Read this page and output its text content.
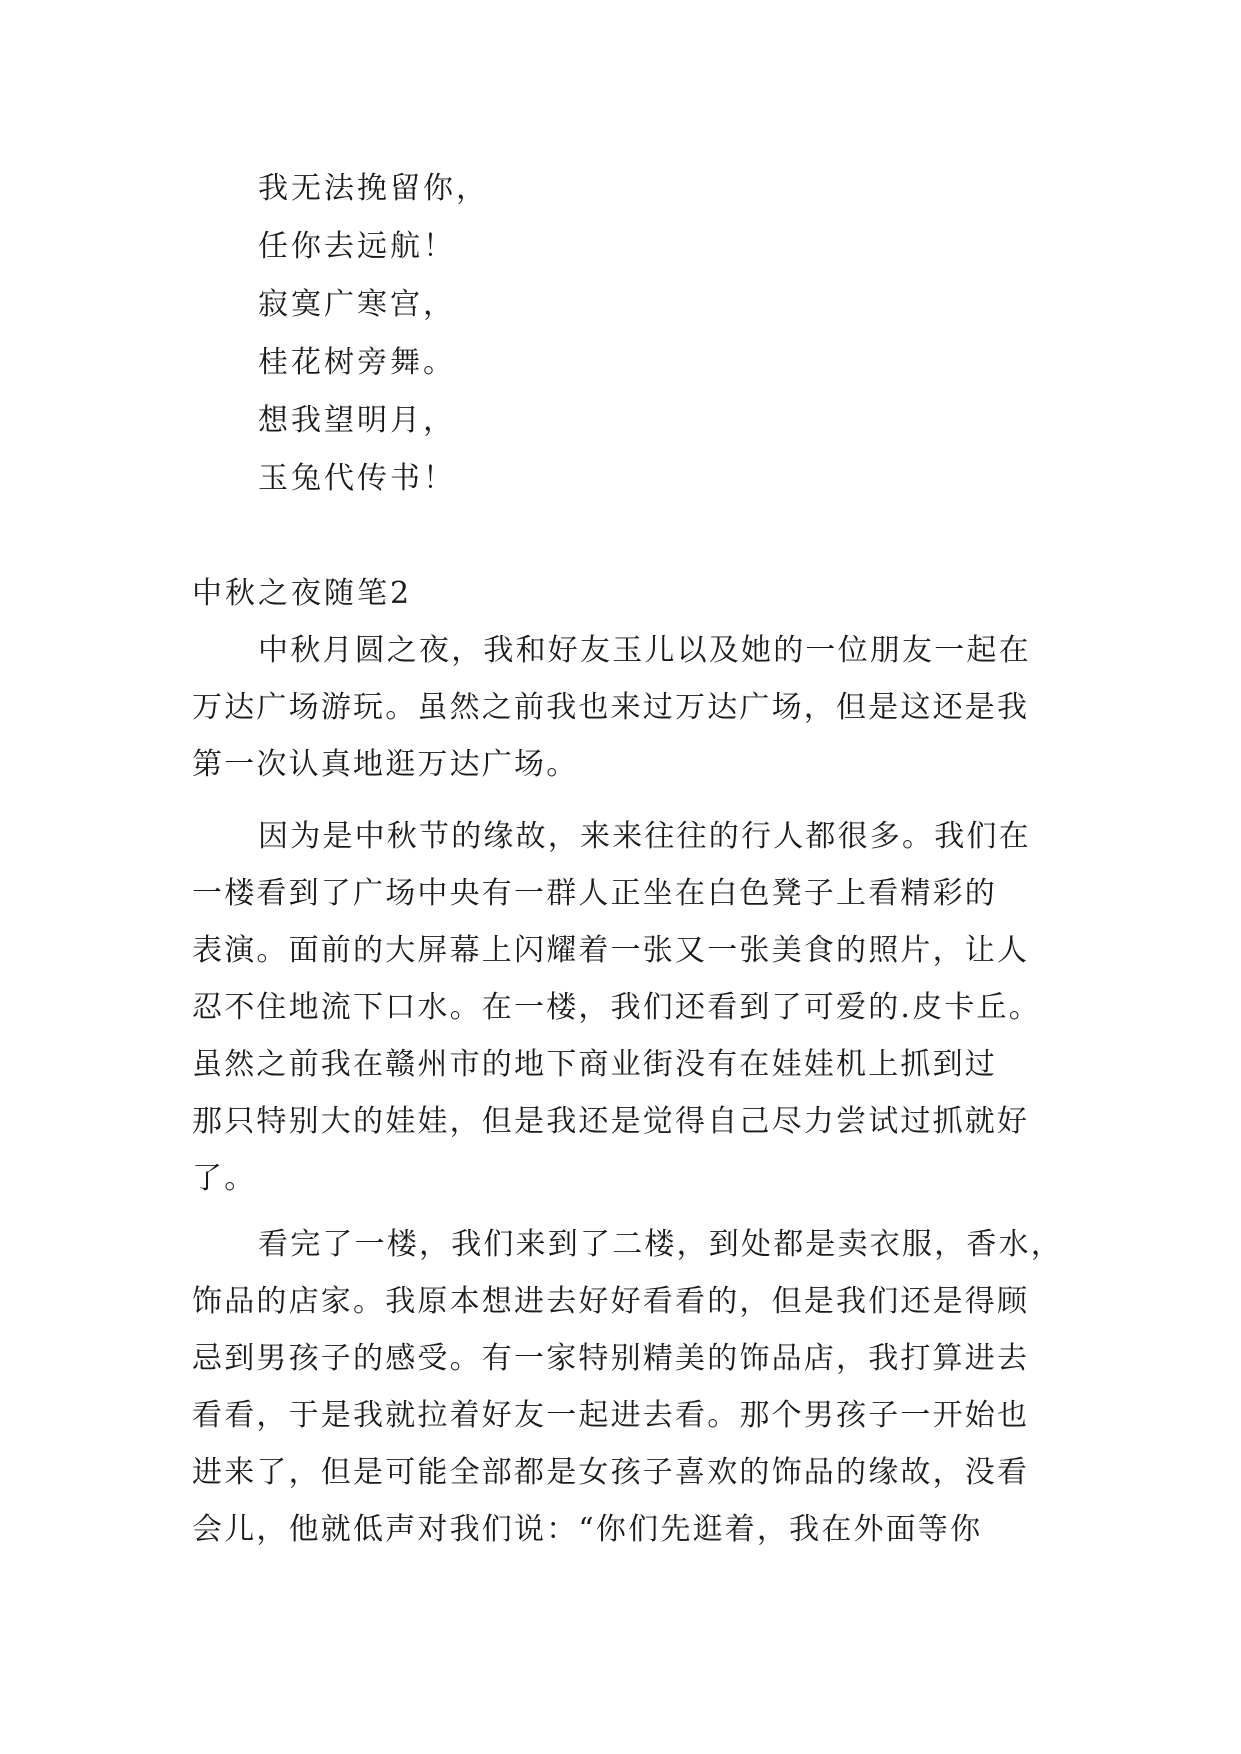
我无法挽留你，
任你去远航！
寂寞广寒宫，
桂花树旁舞。
想我望明月，
玉兔代传书！
中秋之夜随笔2
中秋月圆之夜，我和好友玉儿以及她的一位朋友一起在
万达广场游玩。虽然之前我也来过万达广场，但是这还是我
第一次认真地逛万达广场。
因为是中秋节的缘故，来来往往的行人都很多。我们在
一楼看到了广场中央有一群人正坐在白色凳子上看精彩的
表演。面前的大屏幕上闪耀着一张又一张美食的照片，让人
忍不住地流下口水。在一楼，我们还看到了可爱的.皮卡丘。
虽然之前我在赣州市的地下商业街没有在娃娃机上抓到过
那只特别大的娃娃，但是我还是觉得自己尽力尝试过抓就好
了。
看完了一楼，我们来到了二楼，到处都是卖衣服，香水，
饰品的店家。我原本想进去好好看看的，但是我们还是得顾
忌到男孩子的感受。有一家特别精美的饰品店，我打算进去
看看，于是我就拉着好友一起进去看。那个男孩子一开始也
进来了，但是可能全部都是女孩子喜欢的饰品的缘故，没看
会儿，他就低声对我们说：“你们先逛着，我在外面等你
